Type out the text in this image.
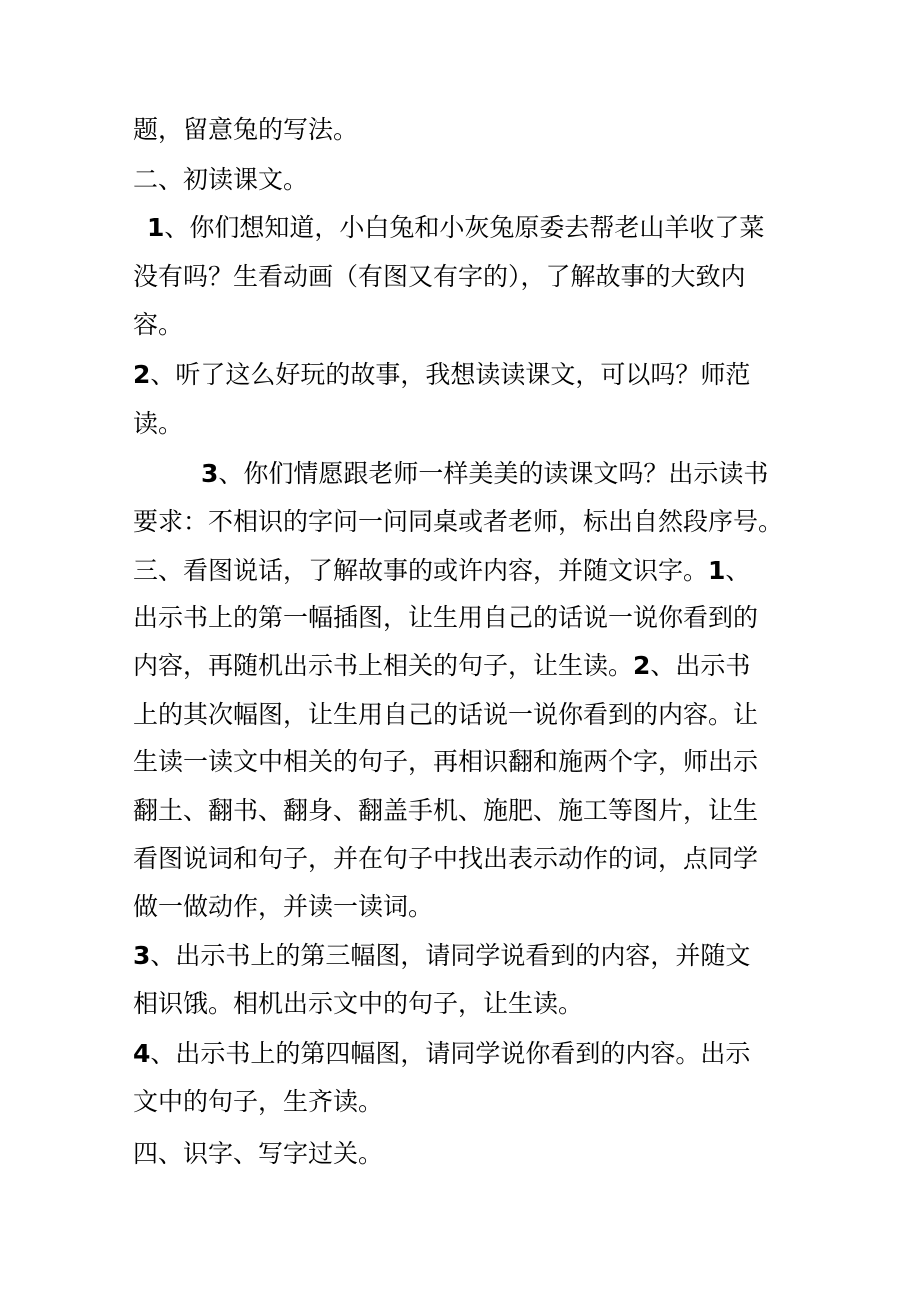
题，留意兔的写法。
二、初读课文。
1、你们想知道，小白兔和小灰兔原委去帮老山羊收了菜
没有吗？生看动画（有图又有字的），了解故事的大致内
容。
2、听了这么好玩的故事，我想读读课文，可以吗？师范
读。
3、你们情愿跟老师一样美美的读课文吗？出示读书
要求：不相识的字问一问同桌或者老师，标出自然段序号。
三、看图说话，了解故事的或许内容，并随文识字。1、
出示书上的第一幅插图，让生用自己的话说一说你看到的
内容，再随机出示书上相关的句子，让生读。2、出示书
上的其次幅图，让生用自己的话说一说你看到的内容。让
生读一读文中相关的句子，再相识翻和施两个字，师出示
翻土、翻书、翻身、翻盖手机、施肥、施工等图片，让生
看图说词和句子，并在句子中找出表示动作的词，点同学
做一做动作，并读一读词。
3、出示书上的第三幅图，请同学说看到的内容，并随文
相识饿。相机出示文中的句子，让生读。
4、出示书上的第四幅图，请同学说你看到的内容。出示
文中的句子，生齐读。
四、识字、写字过关。
